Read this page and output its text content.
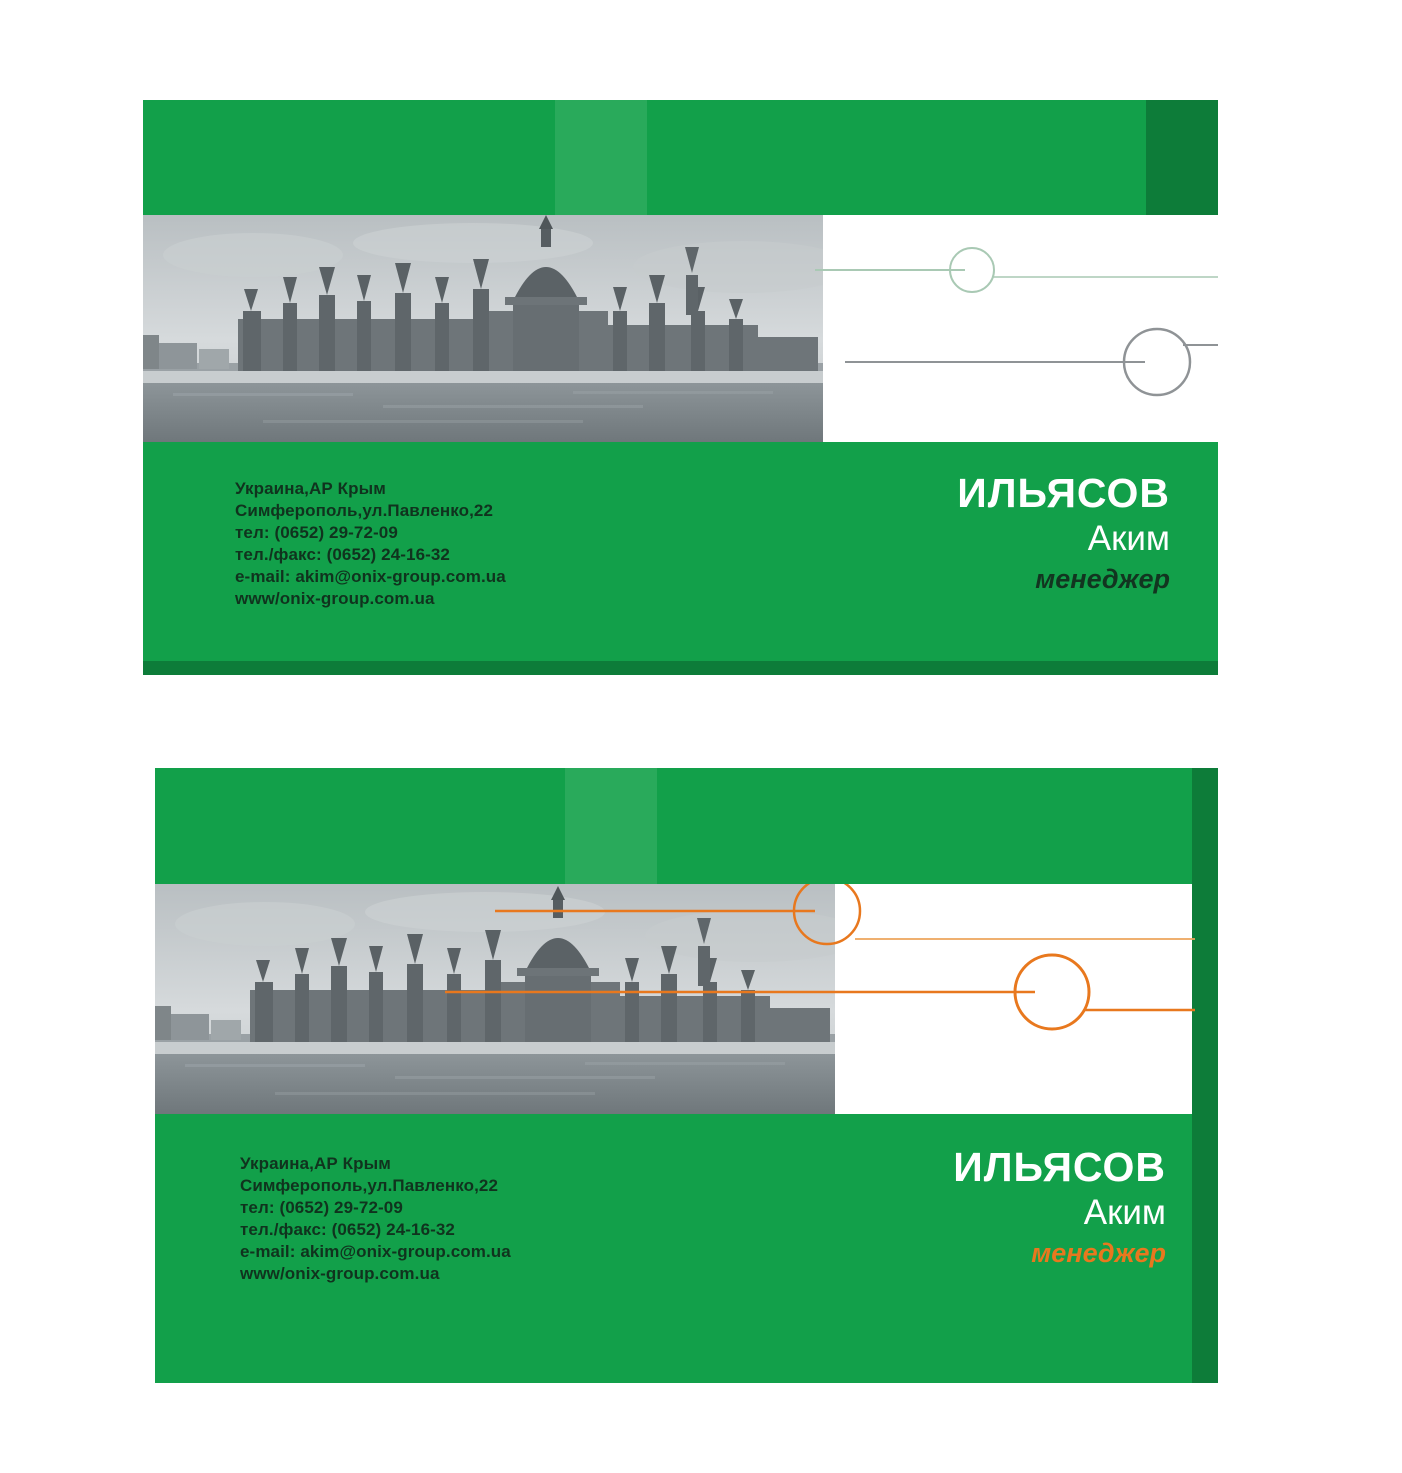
Украина,АР Крым
Симферополь,ул.Павленко,22
тел: (0652) 29-72-09
тел./факс: (0652) 24-16-32
e-mail: akim@onix-group.com.ua
www/onix-group.com.ua
ИЛЬЯСОВ
Аким
менеджер
Украина,АР Крым
Симферополь,ул.Павленко,22
тел: (0652) 29-72-09
тел./факс: (0652) 24-16-32
e-mail: akim@onix-group.com.ua
www/onix-group.com.ua
ИЛЬЯСОВ
Аким
менеджер
